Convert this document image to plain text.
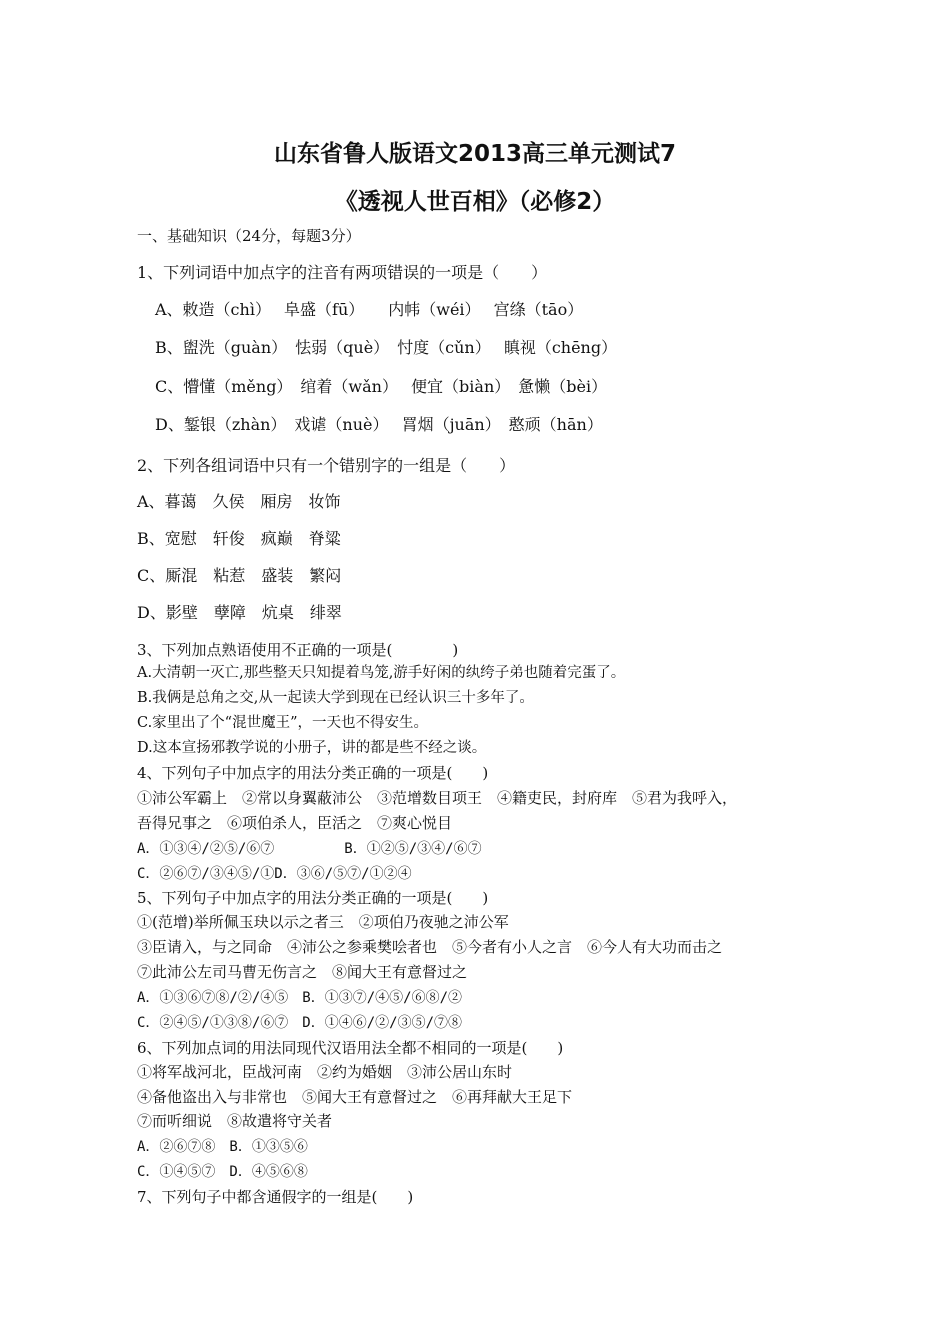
山东省鲁人版语文2013高三单元测试7
《透视人世百相》（必修2）
一、基础知识（24分，每题3分）
1、下列词语中加点字的注音有两项错误的一项是（　　）
A、敕造（chì）　 阜盛（fū）　　内帏（wéi）　 宫绦（tāo）
B、盥洗（guàn）　怯弱（què）　忖度（cǔn）　 瞋视（chēng）
C、懵懂（měng）　绾着（wǎn）　 便宜（biàn）　惫懒（bèi）
D、錾银（zhàn）　戏谑（nuè）　 罥烟（juān）　憨顽（hān）
2、下列各组词语中只有一个错别字的一组是（　　）
A、暮蔼　久侯　厢房　妆饰
B、宽慰　轩俊　疯巅　脊粱
C、厮混　粘惹　盛装　繁闷
D、影壁　孽障　炕桌　绯翠
3、下列加点熟语使用不正确的一项是(　　　　)
A.大清朝一灭亡,那些整天只知提着鸟笼,游手好闲的纨绔子弟也随着完蛋了。
B.我俩是总角之交,从一起读大学到现在已经认识三十多年了。
C.家里出了个“混世魔王”，一天也不得安生。
D.这本宣扬邪教学说的小册子，讲的都是些不经之谈。
4、下列句子中加点字的用法分类正确的一项是(　　)
①沛公军霸上　②常以身翼蔽沛公　③范增数目项王　④籍吏民，封府库　⑤君为我呼入，
吾得兄事之　⑥项伯杀人，臣活之　⑦爽心悦目
A．①③④/②⑤/⑥⑦　　　　　B．①②⑤/③④/⑥⑦
C．②⑥⑦/③④⑤/①D．③⑥/⑤⑦/①②④
5、下列句子中加点字的用法分类正确的一项是(　　)
①(范增)举所佩玉玦以示之者三　②项伯乃夜驰之沛公军
③臣请入，与之同命　④沛公之参乘樊哙者也　⑤今者有小人之言　⑥今人有大功而击之
⑦此沛公左司马曹无伤言之　⑧闻大王有意督过之
A．①③⑥⑦⑧/②/④⑤　B．①③⑦/④⑤/⑥⑧/②
C．②④⑤/①③⑧/⑥⑦　D．①④⑥/②/③⑤/⑦⑧
6、下列加点词的用法同现代汉语用法全都不相同的一项是(　　)
①将军战河北，臣战河南　②约为婚姻　③沛公居山东时
④备他盗出入与非常也　⑤闻大王有意督过之　⑥再拜献大王足下
⑦而听细说　⑧故遣将守关者
A．②⑥⑦⑧　B．①③⑤⑥
C．①④⑤⑦　D．④⑤⑥⑧
7、下列句子中都含通假字的一组是(　　)
